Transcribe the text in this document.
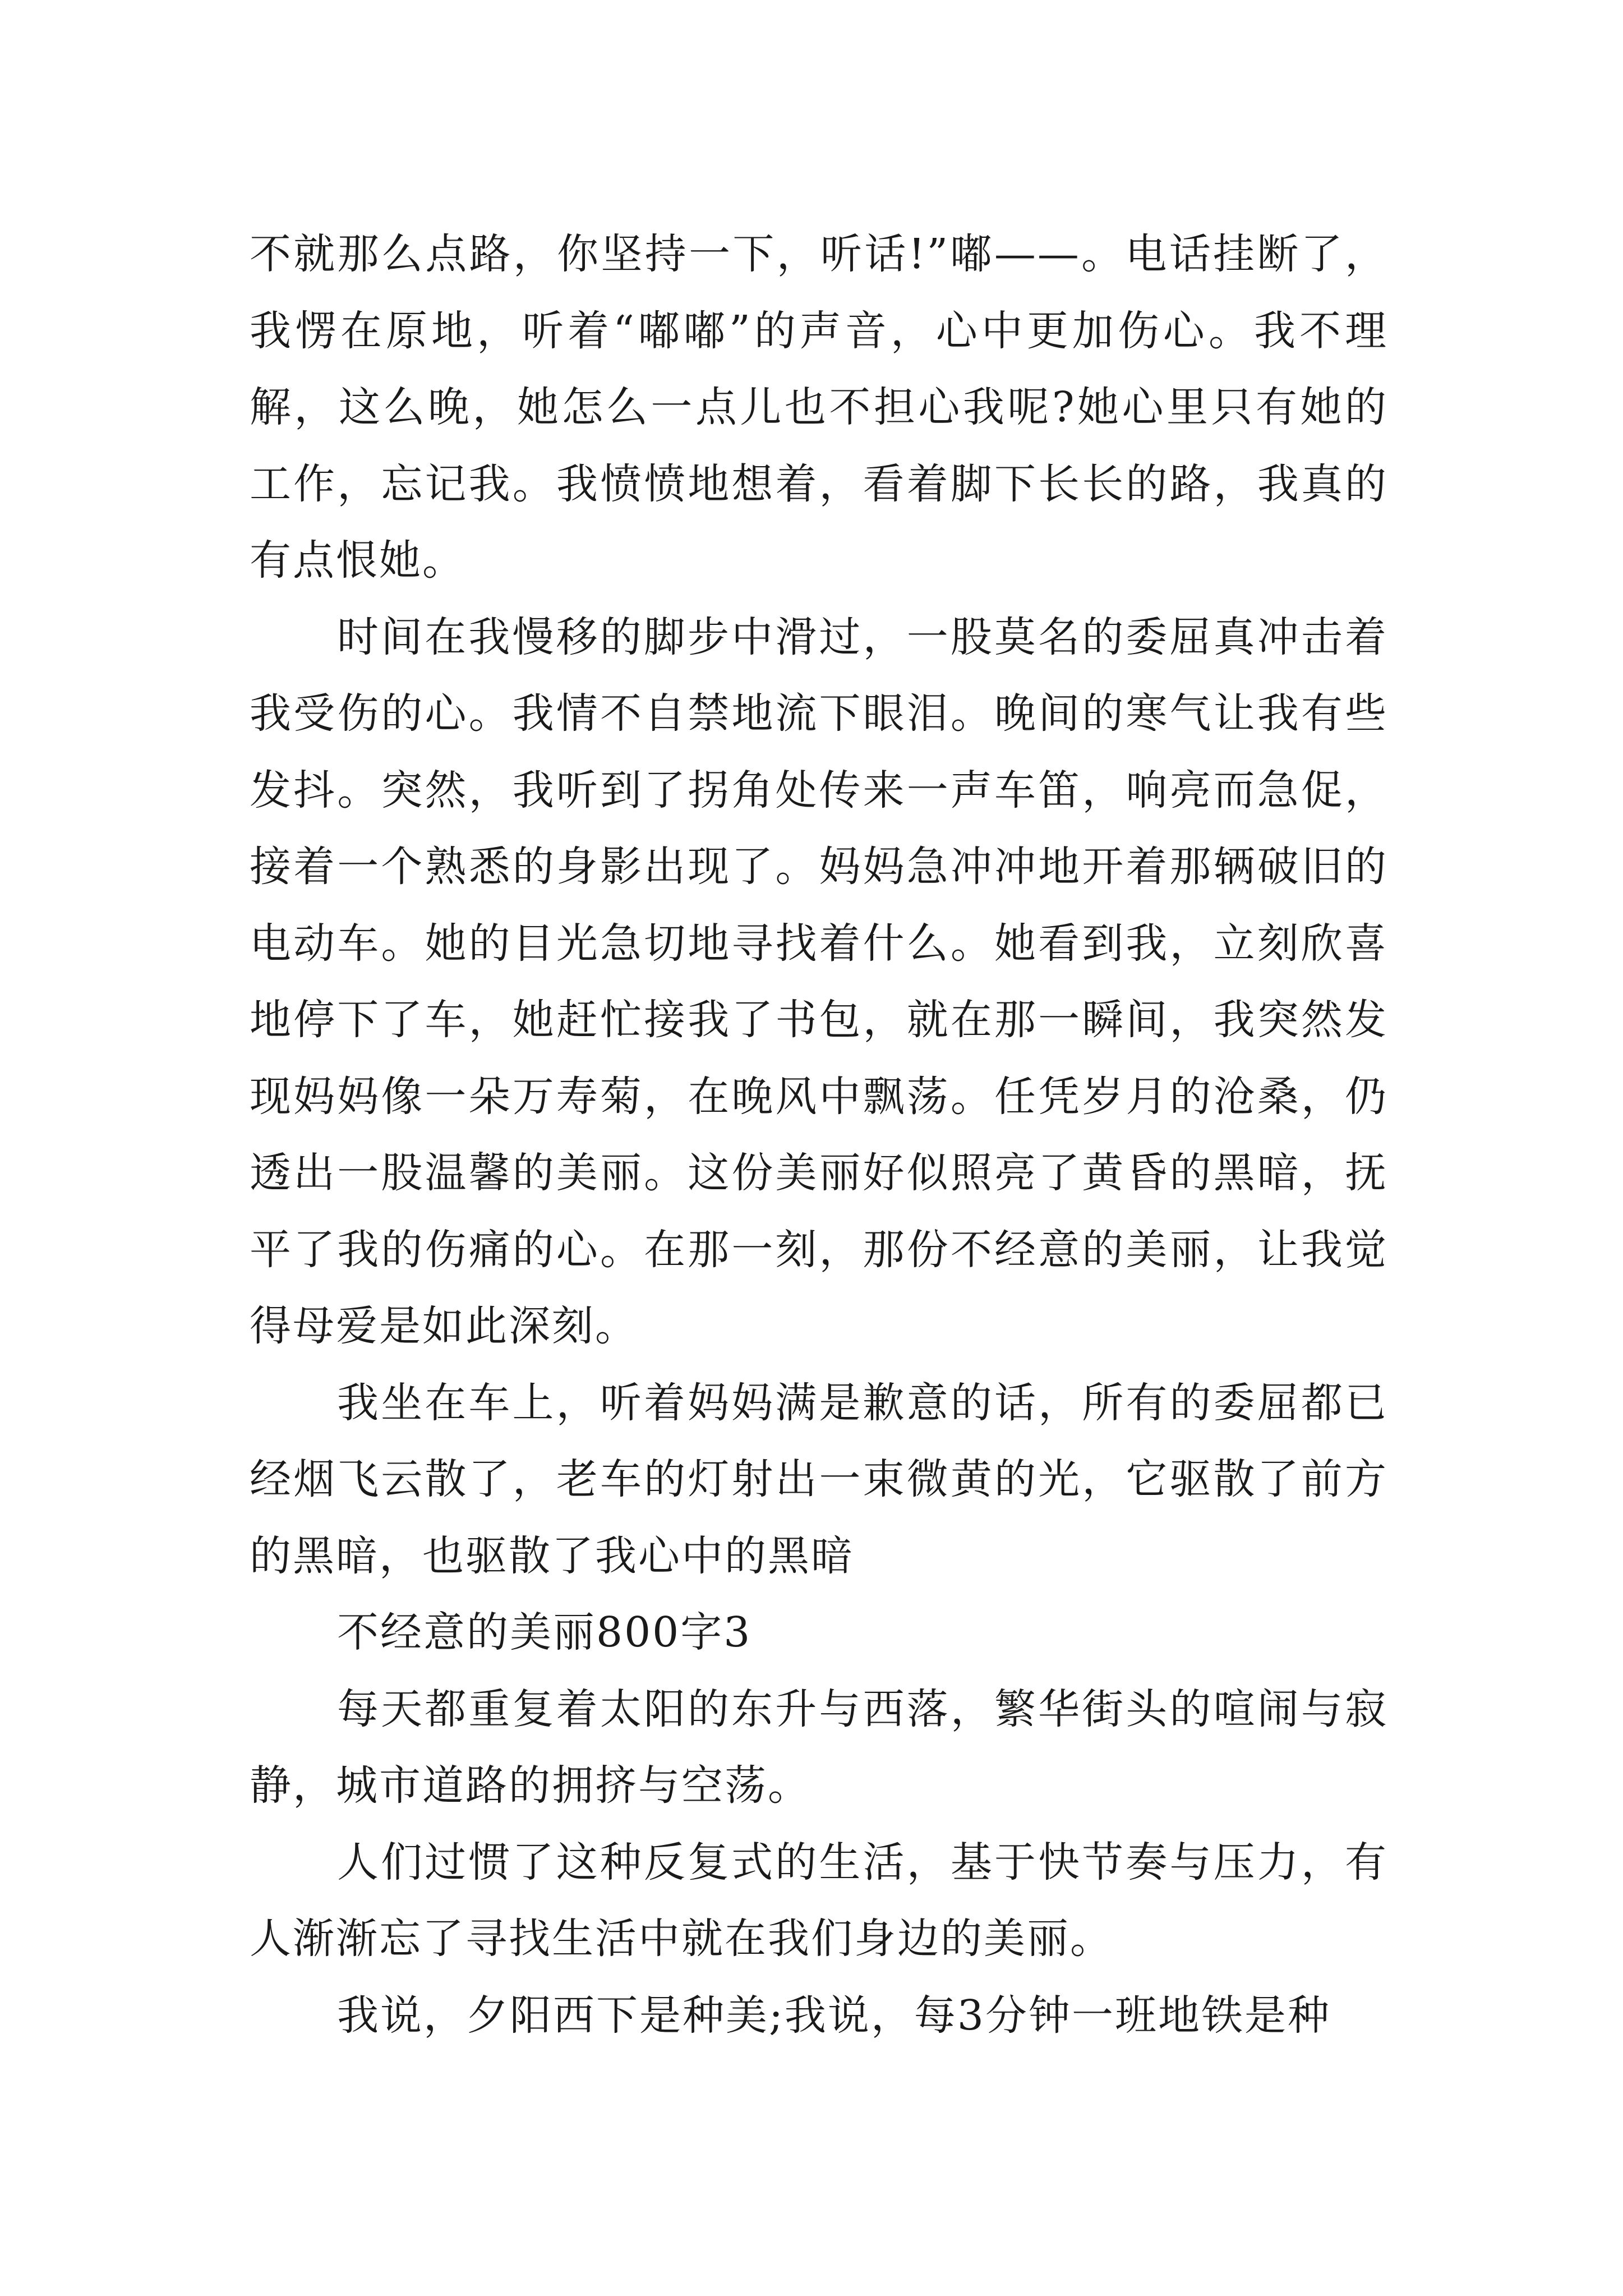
不就那么点路，你坚持一下，听话!”嘟——。电话挂断了，我愣在原地，听着“嘟嘟”的声音，心中更加伤心。我不理解，这么晚，她怎么一点儿也不担心我呢?她心里只有她的工作，忘记我。我愤愤地想着，看着脚下长长的路，我真的有点恨她。

时间在我慢移的脚步中滑过，一股莫名的委屈真冲击着我受伤的心。我情不自禁地流下眼泪。晚间的寒气让我有些发抖。突然，我听到了拐角处传来一声车笛，响亮而急促，接着一个熟悉的身影出现了。妈妈急冲冲地开着那辆破旧的电动车。她的目光急切地寻找着什么。她看到我，立刻欣喜地停下了车，她赶忙接我了书包，就在那一瞬间，我突然发现妈妈像一朵万寿菊，在晚风中飘荡。任凭岁月的沧桑，仍透出一股温馨的美丽。这份美丽好似照亮了黄昏的黑暗，抚平了我的伤痛的心。在那一刻，那份不经意的美丽，让我觉得母爱是如此深刻。

我坐在车上，听着妈妈满是歉意的话，所有的委屈都已经烟飞云散了，老车的灯射出一束微黄的光，它驱散了前方的黑暗，也驱散了我心中的黑暗

不经意的美丽800字3

每天都重复着太阳的东升与西落，繁华街头的喧闹与寂静，城市道路的拥挤与空荡。

人们过惯了这种反复式的生活，基于快节奏与压力，有人渐渐忘了寻找生活中就在我们身边的美丽。

我说，夕阳西下是种美;我说，每3分钟一班地铁是种
